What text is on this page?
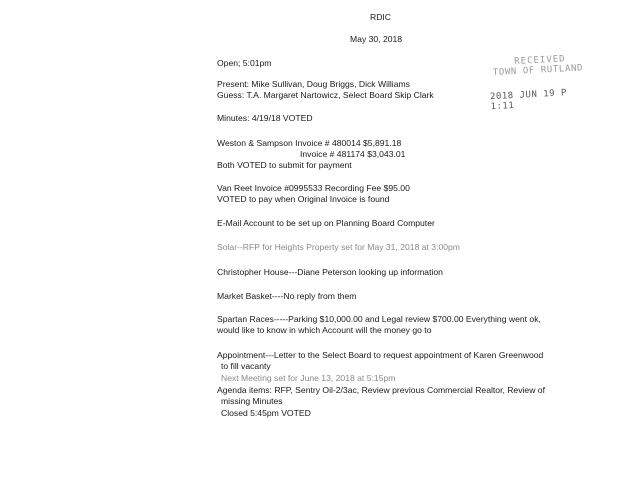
RDIC

May 30, 2018

RECEIVED
TOWN OF RUTLAND
2018 JUN 19 P 1:11

Open; 5:01pm

Present: Mike Sullivan, Doug Briggs, Dick Williams

Guess: T.A. Margaret Nartowicz, Select Board Skip Clark

Minutes: 4/19/18 VOTED

Weston & Sampson Invoice # 480014 $5,891.18

Invoice # 481174 $3,043.01

Both VOTED to submit for payment

Van Reet Invoice #0995533 Recording Fee $95.00

VOTED to pay when Original Invoice is found

E-Mail Account to be set up on Planning Board Computer

Solar--RFP for Heights Property set for May 31, 2018 at 3:00pm

Christopher House---Diane Peterson looking up information

Market Basket----No reply from them

Spartan Races-----Parking $10,000.00 and Legal review $700.00 Everything went ok,

would like to know in which Account will the money go to

Appointment---Letter to the Select Board to request appointment of Karen Greenwood

to fill vacanty

Next Meeting set for June 13, 2018 at 5:15pm

Agenda items: RFP, Sentry Oil-2/3ac, Review previous Commercial Realtor, Review of

missing Minutes

Closed 5:45pm VOTED
